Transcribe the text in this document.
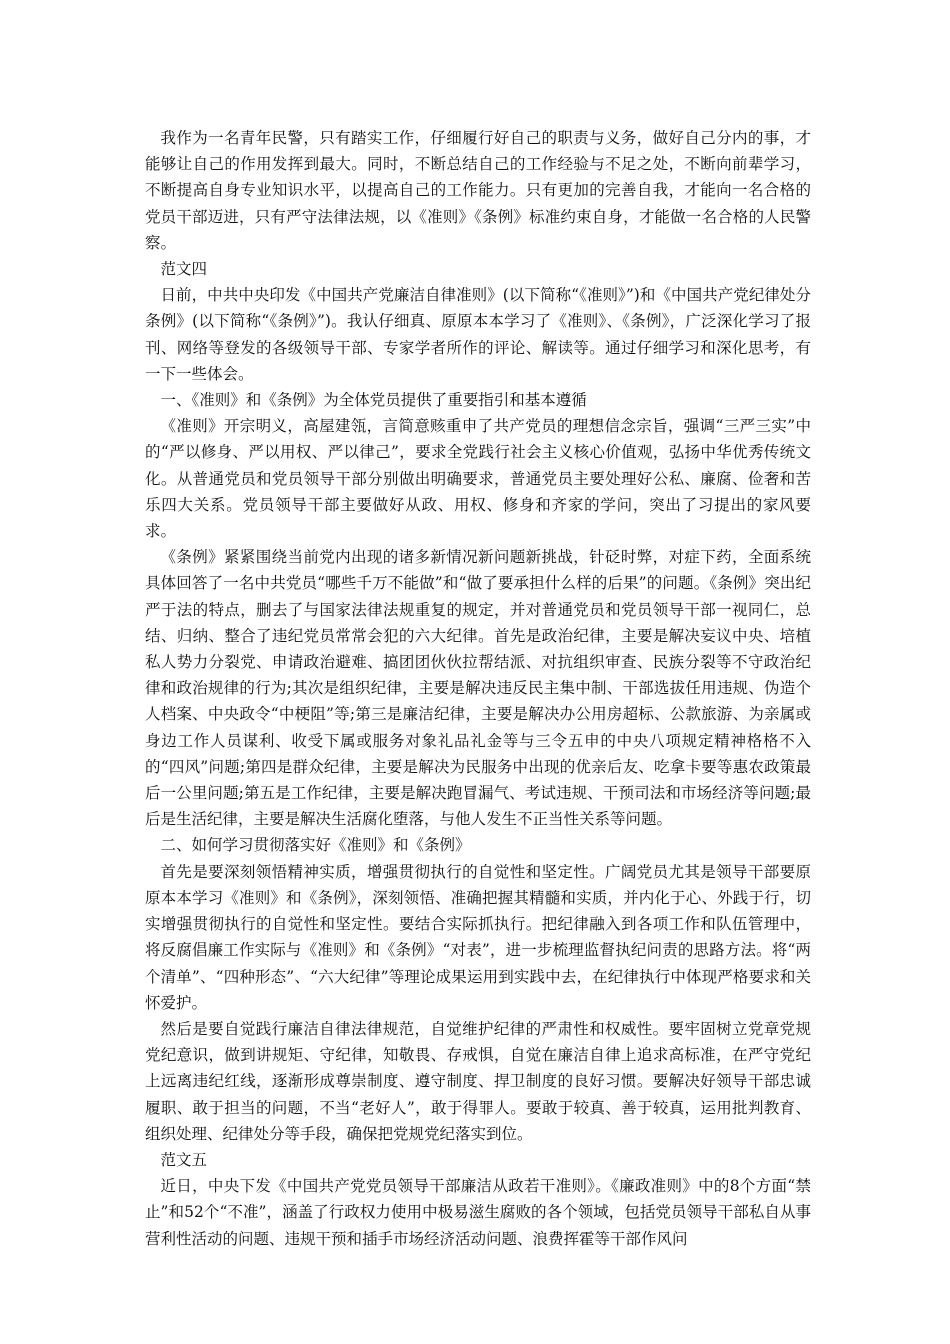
我作为一名青年民警，只有踏实工作，仔细履行好自己的职责与义务，做好自己分内的事，才能够让自己的作用发挥到最大。同时，不断总结自己的工作经验与不足之处，不断向前辈学习，不断提高自身专业知识水平，以提高自己的工作能力。只有更加的完善自我，才能向一名合格的党员干部迈进，只有严守法律法规，以《准则》《条例》标准约束自身，才能做一名合格的人民警察。

范文四

日前，中共中央印发《中国共产党廉洁自律准则》(以下简称“《准则》”)和《中国共产党纪律处分条例》(以下简称“《条例》”)。我认仔细真、原原本本学习了《准则》、《条例》，广泛深化学习了报刊、网络等登发的各级领导干部、专家学者所作的评论、解读等。通过仔细学习和深化思考，有一下一些体会。

一、《准则》和《条例》为全体党员提供了重要指引和基本遵循

《准则》开宗明义，高屋建瓴，言简意赅重申了共产党员的理想信念宗旨，强调“三严三实”中的“严以修身、严以用权、严以律己”，要求全党践行社会主义核心价值观，弘扬中华优秀传统文化。从普通党员和党员领导干部分别做出明确要求，普通党员主要处理好公私、廉腐、俭奢和苦乐四大关系。党员领导干部主要做好从政、用权、修身和齐家的学问，突出了习提出的家风要求。

《条例》紧紧围绕当前党内出现的诸多新情况新问题新挑战，针砭时弊，对症下药，全面系统具体回答了一名中共党员“哪些千万不能做”和“做了要承担什么样的后果”的问题。《条例》突出纪严于法的特点，删去了与国家法律法规重复的规定，并对普通党员和党员领导干部一视同仁，总结、归纳、整合了违纪党员常常会犯的六大纪律。首先是政治纪律，主要是解决妄议中央、培植私人势力分裂党、申请政治避难、搞团团伙伙拉帮结派、对抗组织审查、民族分裂等不守政治纪律和政治规律的行为;其次是组织纪律，主要是解决违反民主集中制、干部选拔任用违规、伪造个人档案、中央政令“中梗阻”等;第三是廉洁纪律，主要是解决办公用房超标、公款旅游、为亲属或身边工作人员谋利、收受下属或服务对象礼品礼金等与三令五申的中央八项规定精神格格不入的“四风”问题;第四是群众纪律，主要是解决为民服务中出现的优亲后友、吃拿卡要等惠农政策最后一公里问题;第五是工作纪律，主要是解决跑冒漏气、考试违规、干预司法和市场经济等问题;最后是生活纪律，主要是解决生活腐化堕落，与他人发生不正当性关系等问题。

二、如何学习贯彻落实好《准则》和《条例》

首先是要深刻领悟精神实质，增强贯彻执行的自觉性和坚定性。广阔党员尤其是领导干部要原原本本学习《准则》和《条例》，深刻领悟、准确把握其精髓和实质，并内化于心、外践于行，切实增强贯彻执行的自觉性和坚定性。要结合实际抓执行。把纪律融入到各项工作和队伍管理中，将反腐倡廉工作实际与《准则》和《条例》“对表”，进一步梳理监督执纪问责的思路方法。将“两个清单”、“四种形态”、“六大纪律”等理论成果运用到实践中去，在纪律执行中体现严格要求和关怀爱护。

然后是要自觉践行廉洁自律法律规范，自觉维护纪律的严肃性和权威性。要牢固树立党章党规党纪意识，做到讲规矩、守纪律，知敬畏、存戒惧，自觉在廉洁自律上追求高标准，在严守党纪上远离违纪红线，逐渐形成尊崇制度、遵守制度、捍卫制度的良好习惯。要解决好领导干部忠诚履职、敢于担当的问题，不当“老好人”，敢于得罪人。要敢于较真、善于较真，运用批判教育、组织处理、纪律处分等手段，确保把党规党纪落实到位。

范文五

近日，中央下发《中国共产党党员领导干部廉洁从政若干准则》。《廉政准则》中的8个方面“禁止”和52个“不准”，涵盖了行政权力使用中极易滋生腐败的各个领域，包括党员领导干部私自从事营利性活动的问题、违规干预和插手市场经济活动问题、浪费挥霍等干部作风问
